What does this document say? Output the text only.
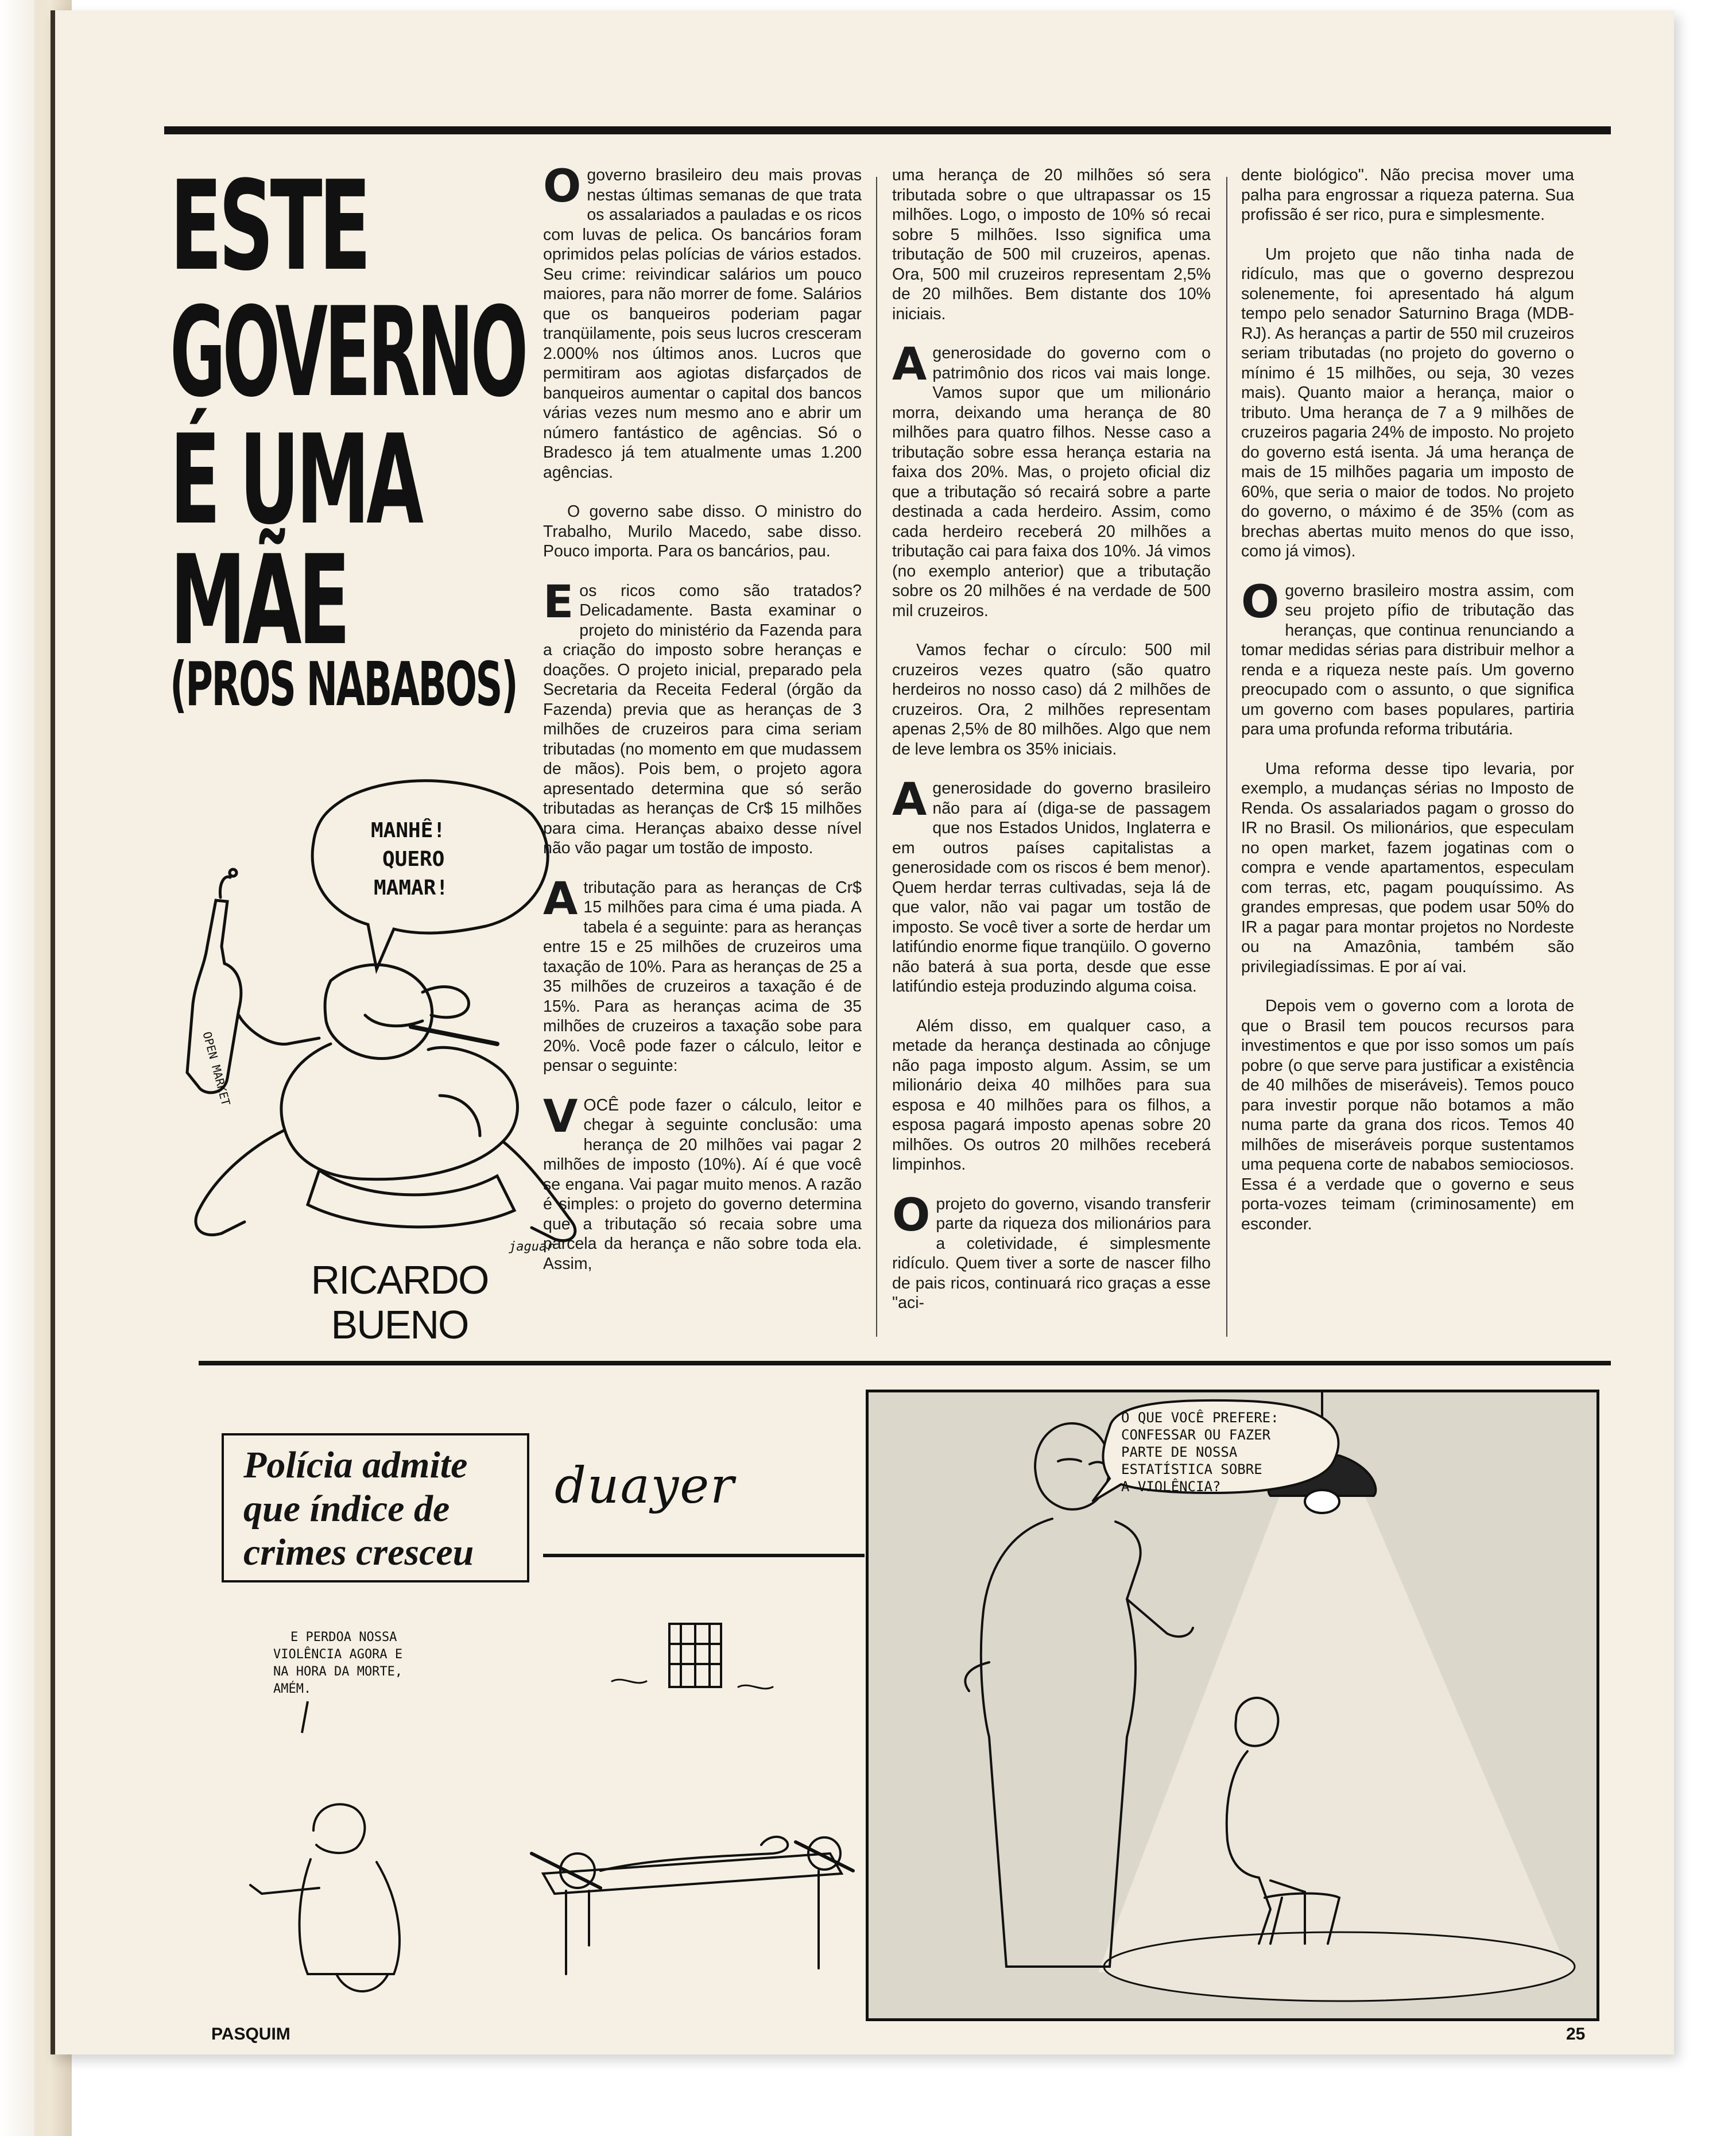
ESTE
GOVERNO
É UMA
MÃE
(PROS NABABOS)
MANHÊ!
QUERO
MAMAR!
OPEN MARKET
jaguar
RICARDO
BUENO

Ogoverno brasileiro deu mais provas nestas últimas semanas de que trata os assalariados a pauladas e os ricos com luvas de pelica. Os bancários foram oprimidos pelas polícias de vários estados. Seu crime: reivindicar salários um pouco maiores, para não morrer de fome. Salários que os banqueiros poderiam pagar tranqüilamente, pois seus lucros cresceram 2.000% nos últimos anos. Lucros que permitiram aos agiotas disfarçados de banqueiros aumentar o capital dos bancos várias vezes num mesmo ano e abrir um número fantástico de agências. Só o Bradesco já tem atualmente umas 1.200 agências.

O governo sabe disso. O ministro do Trabalho, Murilo Macedo, sabe disso. Pouco importa. Para os bancários, pau.

Eos ricos como são tratados? Delicadamente. Basta examinar o projeto do ministério da Fazenda para a criação do imposto sobre heranças e doações. O projeto inicial, preparado pela Secretaria da Receita Federal (órgão da Fazenda) previa que as heranças de 3 milhões de cruzeiros para cima seriam tributadas (no momento em que mudassem de mãos). Pois bem, o projeto agora apresentado determina que só serão tributadas as heranças de Cr$ 15 milhões para cima. Heranças abaixo desse nível não vão pagar um tostão de imposto.

Atributação para as heranças de Cr$ 15 milhões para cima é uma piada. A tabela é a seguinte: para as heranças entre 15 e 25 milhões de cruzeiros uma taxação de 10%. Para as heranças de 25 a 35 milhões de cruzeiros a taxação é de 15%. Para as heranças acima de 35 milhões de cruzeiros a taxação sobe para 20%. Você pode fazer o cálculo, leitor e pensar o seguinte:

VOCÊ pode fazer o cálculo, leitor e chegar à seguinte conclusão: uma herança de 20 milhões vai pagar 2 milhões de imposto (10%). Aí é que você se engana. Vai pagar muito menos. A razão é simples: o projeto do governo determina que a tributação só recaia sobre uma parcela da herança e não sobre toda ela. Assim,

uma herança de 20 milhões só sera tributada sobre o que ultrapassar os 15 milhões. Logo, o imposto de 10% só recai sobre 5 milhões. Isso significa uma tributação de 500 mil cruzeiros, apenas. Ora, 500 mil cruzeiros representam 2,5% de 20 milhões. Bem distante dos 10% iniciais.

Agenerosidade do governo com o patrimônio dos ricos vai mais longe. Vamos supor que um milionário morra, deixando uma herança de 80 milhões para quatro filhos. Nesse caso a tributação sobre essa herança estaria na faixa dos 20%. Mas, o projeto oficial diz que a tributação só recairá sobre a parte destinada a cada herdeiro. Assim, como cada herdeiro receberá 20 milhões a tributação cai para faixa dos 10%. Já vimos (no exemplo anterior) que a tributação sobre os 20 milhões é na verdade de 500 mil cruzeiros.

Vamos fechar o círculo: 500 mil cruzeiros vezes quatro (são quatro herdeiros no nosso caso) dá 2 milhões de cruzeiros. Ora, 2 milhões representam apenas 2,5% de 80 milhões. Algo que nem de leve lembra os 35% iniciais.

Agenerosidade do governo brasileiro não para aí (diga-se de passagem que nos Estados Unidos, Inglaterra e em outros países capitalistas a generosidade com os riscos é bem menor). Quem herdar terras cultivadas, seja lá de que valor, não vai pagar um tostão de imposto. Se você tiver a sorte de herdar um latifúndio enorme fique tranqüilo. O governo não baterá à sua porta, desde que esse latifúndio esteja produzindo alguma coisa.

Além disso, em qualquer caso, a metade da herança destinada ao cônjuge não paga imposto algum. Assim, se um milionário deixa 40 milhões para sua esposa e 40 milhões para os filhos, a esposa pagará imposto apenas sobre 20 milhões. Os outros 20 milhões receberá limpinhos.

Oprojeto do governo, visando transferir parte da riqueza dos milionários para a coletividade, é simplesmente ridículo. Quem tiver a sorte de nascer filho de pais ricos, continuará rico graças a esse "aci-

dente biológico". Não precisa mover uma palha para engrossar a riqueza paterna. Sua profissão é ser rico, pura e simplesmente.

Um projeto que não tinha nada de ridículo, mas que o governo desprezou solenemente, foi apresentado há algum tempo pelo senador Saturnino Braga (MDB-RJ). As heranças a partir de 550 mil cruzeiros seriam tributadas (no projeto do governo o mínimo é 15 milhões, ou seja, 30 vezes mais). Quanto maior a herança, maior o tributo. Uma herança de 7 a 9 milhões de cruzeiros pagaria 24% de imposto. No projeto do governo está isenta. Já uma herança de mais de 15 milhões pagaria um imposto de 60%, que seria o maior de todos. No projeto do governo, o máximo é de 35% (com as brechas abertas muito menos do que isso, como já vimos).

Ogoverno brasileiro mostra assim, com seu projeto pífio de tributação das heranças, que continua renunciando a tomar medidas sérias para distribuir melhor a renda e a riqueza neste país. Um governo preocupado com o assunto, o que significa um governo com bases populares, partiria para uma profunda reforma tributária.

Uma reforma desse tipo levaria, por exemplo, a mudanças sérias no Imposto de Renda. Os assalariados pagam o grosso do IR no Brasil. Os milionários, que especulam no open market, fazem jogatinas com o compra e vende apartamentos, especulam com terras, etc, pagam pouquíssimo. As grandes empresas, que podem usar 50% do IR a pagar para montar projetos no Nordeste ou na Amazônia, também são privilegiadíssimas. E por aí vai.

Depois vem o governo com a lorota de que o Brasil tem poucos recursos para investimentos e que por isso somos um país pobre (o que serve para justificar a existência de 40 milhões de miseráveis). Temos pouco para investir porque não botamos a mão numa parte da grana dos ricos. Temos 40 milhões de miseráveis porque sustentamos uma pequena corte de nababos semiociosos. Essa é a verdade que o governo e seus porta-vozes teimam (criminosamente) em esconder.

Polícia admite
que índice de
crimes cresceu
duayer
E PERDOA NOSSA
VIOLÊNCIA AGORA E
NA HORA DA MORTE,
AMÉM.
O QUE VOCÊ PREFERE:
CONFESSAR OU FAZER
PARTE DE NOSSA
ESTATÍSTICA SOBRE
A VIOLÊNCIA?
PASQUIM	25
